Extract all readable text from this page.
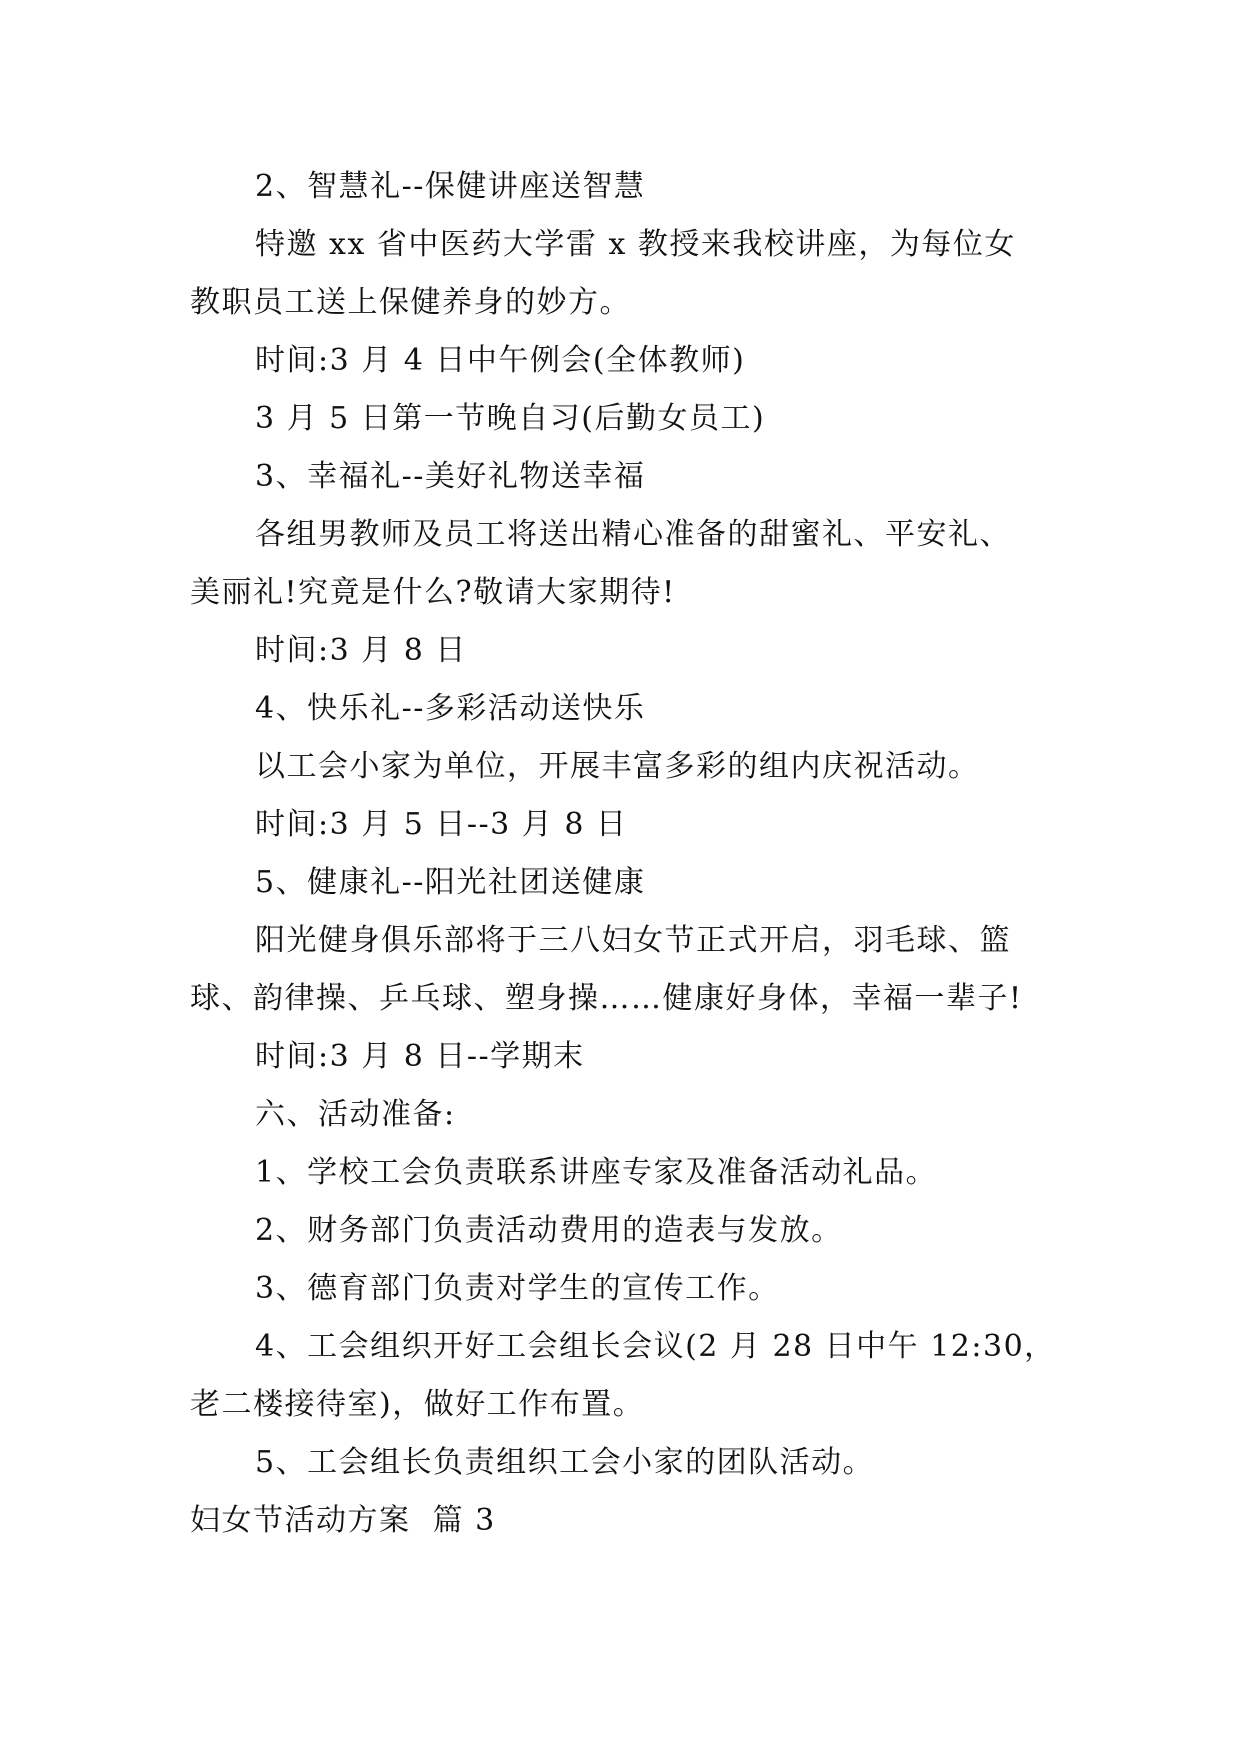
2、智慧礼--保健讲座送智慧
特邀 xx 省中医药大学雷 x 教授来我校讲座，为每位女
教职员工送上保健养身的妙方。
时间:3 月 4 日中午例会(全体教师)
3 月 5 日第一节晚自习(后勤女员工)
3、幸福礼--美好礼物送幸福
各组男教师及员工将送出精心准备的甜蜜礼、平安礼、
美丽礼!究竟是什么?敬请大家期待!
时间:3 月 8 日
4、快乐礼--多彩活动送快乐
以工会小家为单位，开展丰富多彩的组内庆祝活动。
时间:3 月 5 日--3 月 8 日
5、健康礼--阳光社团送健康
阳光健身俱乐部将于三八妇女节正式开启，羽毛球、篮
球、韵律操、乒乓球、塑身操……健康好身体，幸福一辈子!
时间:3 月 8 日--学期末
六、活动准备:
1、学校工会负责联系讲座专家及准备活动礼品。
2、财务部门负责活动费用的造表与发放。
3、德育部门负责对学生的宣传工作。
4、工会组织开好工会组长会议(2 月 28 日中午 12:30，
老二楼接待室)，做好工作布置。
5、工会组长负责组织工会小家的团队活动。
妇女节活动方案  篇 3
